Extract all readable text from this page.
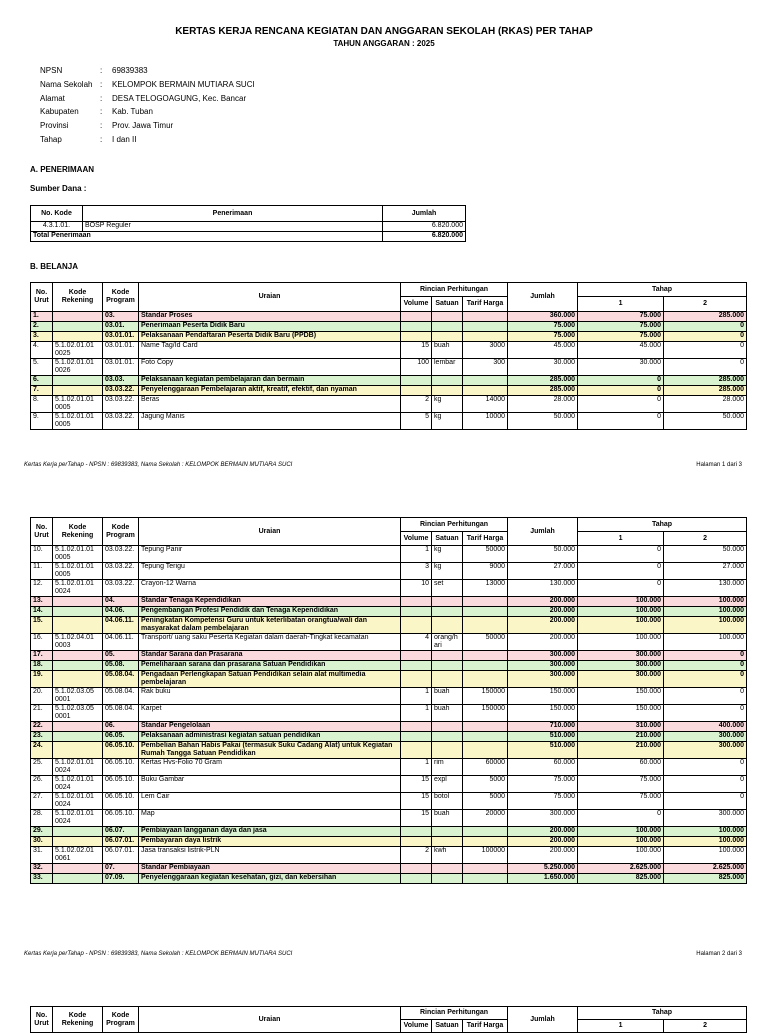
KERTAS KERJA RENCANA KEGIATAN DAN ANGGARAN SEKOLAH (RKAS) PER TAHAP
TAHUN ANGGARAN : 2025
NPSN	:	69839383
Nama Sekolah :	KELOMPOK BERMAIN MUTIARA SUCI
Alamat	:	DESA TELOGOAGUNG, Kec. Bancar
Kabupaten	:	Kab. Tuban
Provinsi	:	Prov. Jawa Timur
Tahap	:	I dan II
A. PENERIMAAN
Sumber Dana :
No. Kode	Penerimaan	Jumlah
4.3.1.01.	BOSP Reguler	6.820.000
Total Penerimaan		6.820.000
B. BELANJA
No. Urut	Kode Rekening	Kode Program	Uraian	Rincian Perhitungan			Jumlah	Tahap	
				Volume	Satuan	Tarif Harga		1	2
1.		03.	Standar Proses				360.000	75.000	285.000
2.		03.01.	Penerimaan Peserta Didik Baru				75.000	75.000	0
3.		03.01.01.	Pelaksanaan Pendaftaran Peserta Didik Baru (PPDB)				75.000	75.000	0
4.	5.1.02.01.01 0025	03.01.01.	Name Tag/Id Card	15	buah	3000	45.000	45.000	0
5.	5.1.02.01.01 0026	03.01.01.	Foto Copy	100	lembar	300	30.000	30.000	0
6.		03.03.	Pelaksanaan kegiatan pembelajaran dan bermain				285.000	0	285.000
7.		03.03.22.	Penyelenggaraan Pembelajaran aktif, kreatif, efektif, dan nyaman				285.000	0	285.000
8.	5.1.02.01.01 0005	03.03.22.	Beras	2	kg	14000	28.000	0	28.000
9.	5.1.02.01.01 0005	03.03.22.	Jagung Manis	5	kg	10000	50.000	0	50.000
Kertas Kerja perTahap - NPSN : 69839383, Nama Sekolah : KELOMPOK BERMAIN MUTIARA SUCI	Halaman 1 dari 3
No. Urut	Kode Rekening	Kode Program	Uraian	Rincian Perhitungan			Jumlah	Tahap	
				Volume	Satuan	Tarif Harga		1	2
10.	5.1.02.01.01 0005	03.03.22.	Tepung Panir	1	kg	50000	50.000	0	50.000
11.	5.1.02.01.01 0005	03.03.22.	Tepung Terigu	3	kg	9000	27.000	0	27.000
12.	5.1.02.01.01 0024	03.03.22.	Crayon-12 Warna	10	set	13000	130.000	0	130.000
13.		04.	Standar Tenaga Kependidikan				200.000	100.000	100.000
14.		04.06.	Pengembangan Profesi Pendidik dan Tenaga Kependidikan				200.000	100.000	100.000
15.		04.06.11.	Peningkatan Kompetensi Guru untuk keterlibatan orangtua/wali dan masyarakat dalam pembelajaran				200.000	100.000	100.000
16.	5.1.02.04.01 0003	04.06.11.	Transport/ uang saku Peserta Kegiatan dalam daerah-Tingkat kecamatan	4	orang/h ari	50000	200.000	100.000	100.000
17.		05.	Standar Sarana dan Prasarana				300.000	300.000	0
18.		05.08.	Pemeliharaan sarana dan prasarana Satuan Pendidikan				300.000	300.000	0
19.		05.08.04.	Pengadaan Perlengkapan Satuan Pendidikan selain alat multimedia pembelajaran				300.000	300.000	0
20.	5.1.02.03.05 0001	05.08.04.	Rak buku	1	buah	150000	150.000	150.000	0
21.	5.1.02.03.05 0001	05.08.04.	Karpet	1	buah	150000	150.000	150.000	0
22.		06.	Standar Pengelolaan				710.000	310.000	400.000
23.		06.05.	Pelaksanaan administrasi kegiatan satuan pendidikan				510.000	210.000	300.000
24.		06.05.10.	Pembelian Bahan Habis Pakai (termasuk Suku Cadang Alat) untuk Kegiatan Rumah Tangga Satuan Pendidikan				510.000	210.000	300.000
25.	5.1.02.01.01 0024	06.05.10.	Kertas Hvs-Folio 70 Gram	1	rim	60000	60.000	60.000	0
26.	5.1.02.01.01 0024	06.05.10.	Buku Gambar	15	expl	5000	75.000	75.000	0
27.	5.1.02.01.01 0024	06.05.10.	Lem Cair	15	botol	5000	75.000	75.000	0
28.	5.1.02.01.01 0024	06.05.10.	Map	15	buah	20000	300.000	0	300.000
29.		06.07.	Pembiayaan langganan daya dan jasa				200.000	100.000	100.000
30.		06.07.01.	Pembayaran daya listrik				200.000	100.000	100.000
31.	5.1.02.02.01 0061	06.07.01.	Jasa transaksi listrik-PLN	2	kwh	100000	200.000	100.000	100.000
32.		07.	Standar Pembiayaan				5.250.000	2.625.000	2.625.000
33.		07.09.	Penyelenggaraan kegiatan kesehatan, gizi, dan kebersihan				1.650.000	825.000	825.000
Kertas Kerja perTahap - NPSN : 69839383, Nama Sekolah : KELOMPOK BERMAIN MUTIARA SUCI	Halaman 2 dari 3
No. Urut	Kode Rekening	Kode Program	Uraian	Rincian Perhitungan			Jumlah	Tahap	
				Volume	Satuan	Tarif Harga		1	2
